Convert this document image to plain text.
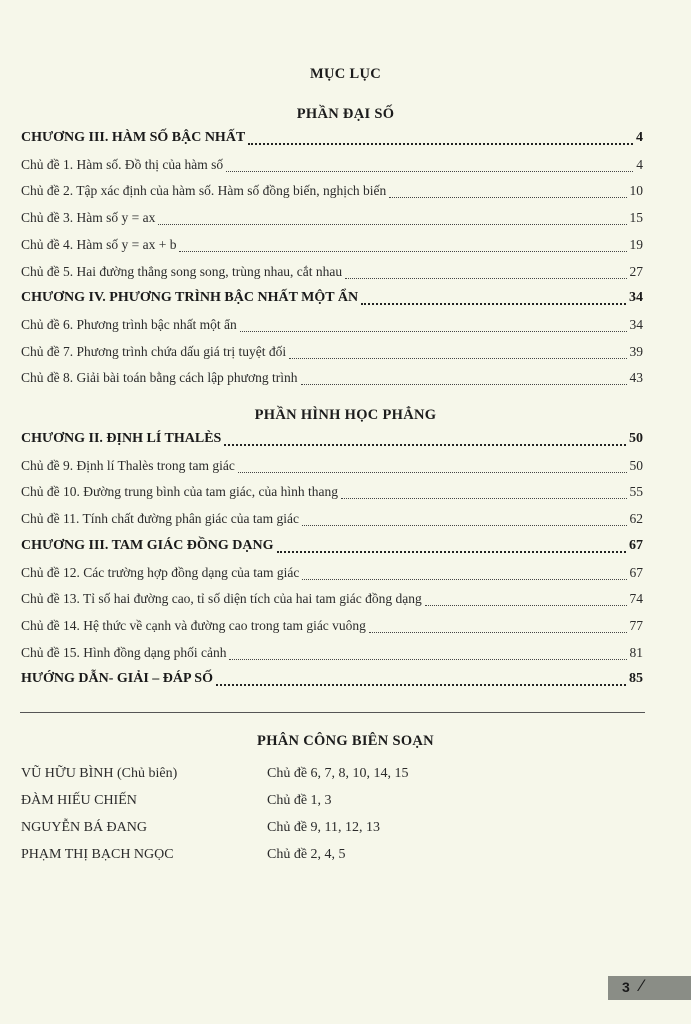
MỤC LỤC
PHẦN ĐẠI SỐ
CHƯƠNG III. HÀM SỐ BẬC NHẤT	4
Chủ đề 1. Hàm số. Đồ thị của hàm số	4
Chủ đề 2. Tập xác định của hàm số. Hàm số đồng biến, nghịch biến	10
Chủ đề 3. Hàm số y = ax	15
Chủ đề 4. Hàm số y = ax + b	19
Chủ đề 5. Hai đường thẳng song song, trùng nhau, cắt nhau	27
CHƯƠNG IV. PHƯƠNG TRÌNH BẬC NHẤT MỘT ẨN	34
Chủ đề 6. Phương trình bậc nhất một ẩn	34
Chủ đề 7. Phương trình chứa dấu giá trị tuyệt đối	39
Chủ đề 8. Giải bài toán bằng cách lập phương trình	43
PHẦN HÌNH HỌC PHẲNG
CHƯƠNG II. ĐỊNH LÍ THALÈS	50
Chủ đề 9. Định lí Thalès trong tam giác	50
Chủ đề 10. Đường trung bình của tam giác, của hình thang	55
Chủ đề 11. Tính chất đường phân giác của tam giác	62
CHƯƠNG III. TAM GIÁC ĐỒNG DẠNG	67
Chủ đề 12. Các trường hợp đồng dạng của tam giác	67
Chủ đề 13. Tỉ số hai đường cao, tỉ số diện tích của hai tam giác đồng dạng	74
Chủ đề 14. Hệ thức về cạnh và đường cao trong tam giác vuông	77
Chủ đề 15. Hình đồng dạng phối cảnh	81
HƯỚNG DẪN- GIẢI – ĐÁP SỐ	85
PHÂN CÔNG BIÊN SOẠN
VŨ HỮU BÌNH (Chủ biên)	Chủ đề 6, 7, 8, 10, 14, 15
ĐÀM HIẾU CHIẾN	Chủ đề 1, 3
NGUYỄN BÁ ĐANG	Chủ đề 9, 11, 12, 13
PHẠM THỊ BẠCH NGỌC	Chủ đề 2, 4, 5
3 ⁄
